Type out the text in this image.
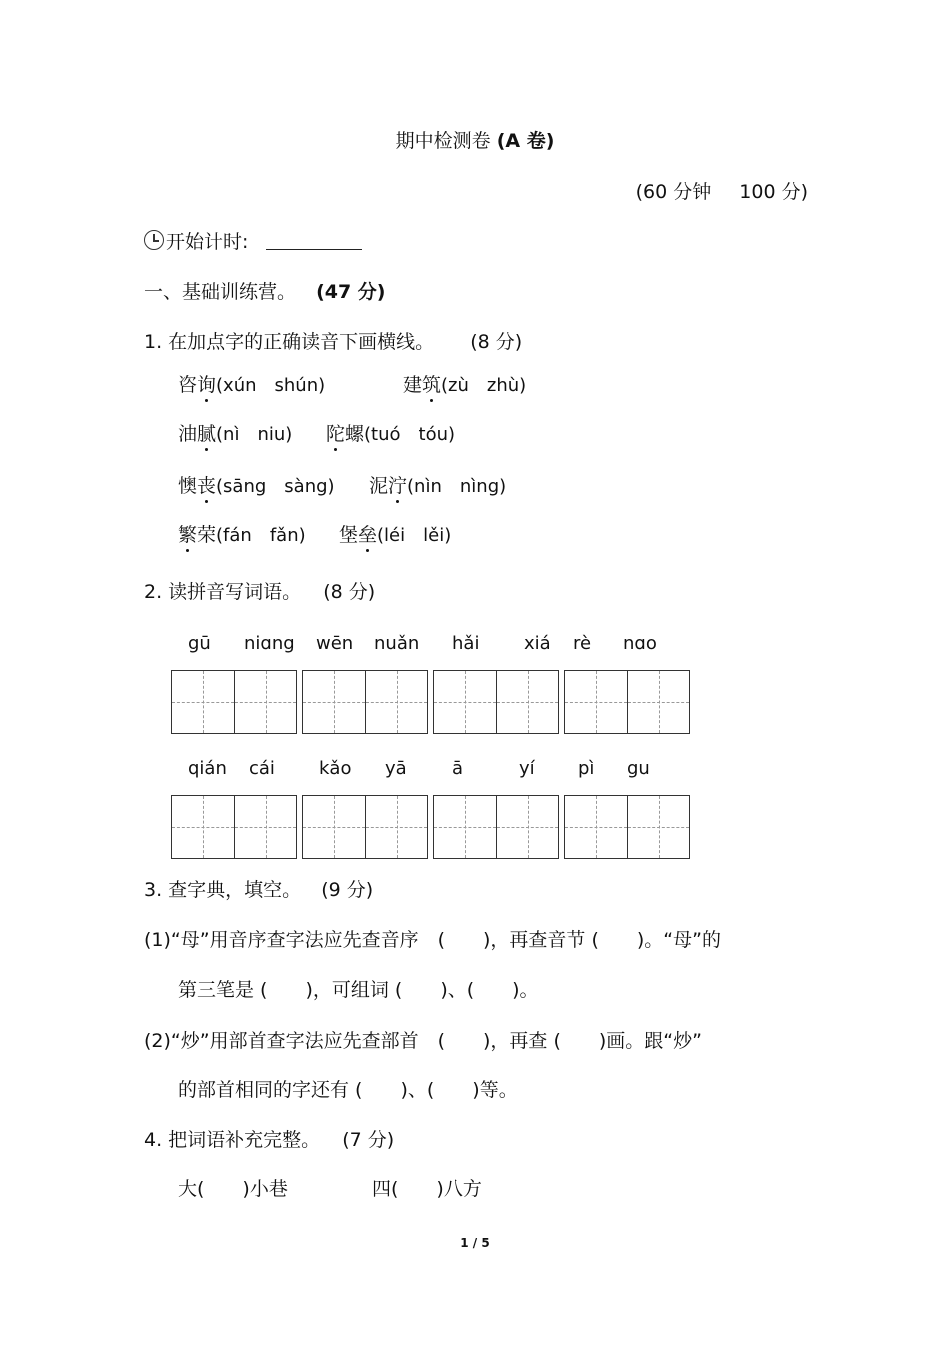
期中检测卷 (A 卷)
(60 分钟 100 分)
开始计时:
一、基础训练营。 (47 分)
1. 在加点字的正确读音下画横线。 (8 分)
咨询(xún　shún)	建筑(zù　zhù)
油腻(nì　niu) 陀螺(tuó　tóu)
懊丧(sāng　sàng) 泥泞(nìn　nìng)
繁荣(fán　fǎn) 堡垒(léi　lěi)
2. 读拼音写词语。 (8 分)
gū niɑng wēn nuǎn hǎi xiá rè nɑo
qián cái kǎo yā	ā	yí pì gu
3. 查字典，填空。 (9 分)
(1)“母”用音序查字法应先查音序　(　　)，再查音节 (　　)。“母”的
第三笔是 (　　)，可组词 (　　)、(　　)。
(2)“炒”用部首查字法应先查部首　(　　)，再查 (　　)画。跟“炒”
的部首相同的字还有 (　　)、(　　)等。
4. 把词语补充完整。 (7 分)
大(　　)小巷	四(　　)八方
1 / 5
